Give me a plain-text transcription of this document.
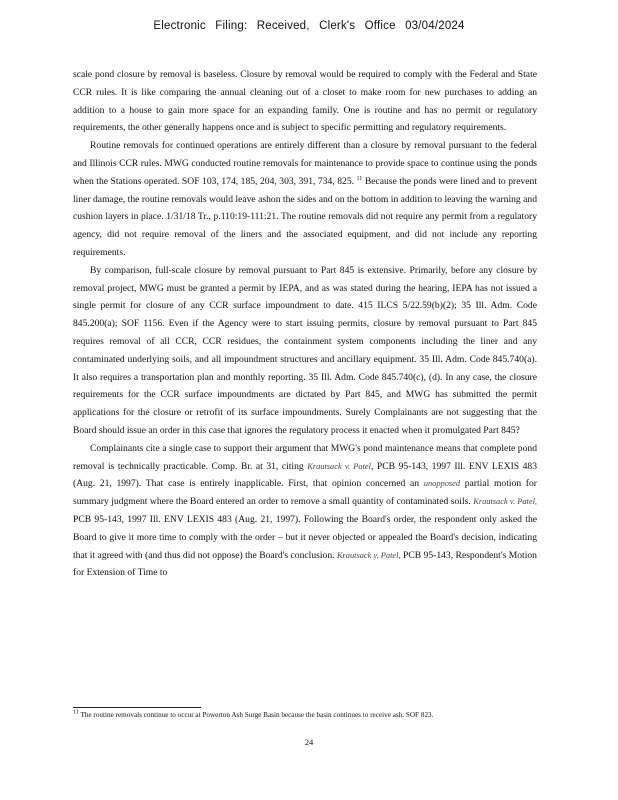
Electronic Filing: Received, Clerk's Office 03/04/2024

scale pond closure by removal is baseless. Closure by removal would be required to comply with the Federal and State CCR rules. It is like comparing the annual cleaning out of a closet to make room for new purchases to adding an addition to a house to gain more space for an expanding family. One is routine and has no permit or regulatory requirements, the other generally happens once and is subject to specific permitting and regulatory requirements.

Routine removals for continued operations are entirely different than a closure by removal pursuant to the federal and Illinois CCR rules. MWG conducted routine removals for maintenance to provide space to continue using the ponds when the Stations operated. SOF 103, 174, 185, 204, 303, 391, 734, 825. $^{11}$ Because the ponds were lined and to prevent liner damage, the routine removals would leave ashon the sides and on the bottom in addition to leaving the warning and cushion layers in place. 1/31/18 Tr., p.110:19-111:21. The routine removals did not require any permit from a regulatory agency, did not require removal of the liners and the associated equipment, and did not include any reporting requirements.

By comparison, full-scale closure by removal pursuant to Part 845 is extensive. Primarily, before any closure by removal project, MWG must be granted a permit by IEPA, and as was stated during the hearing, IEPA has not issued a single permit for closure of any CCR surface impoundment to date. 415 ILCS 5/22.59(b)(2); 35 Ill. Adm. Code 845.200(a); SOF 1156. Even if the Agency were to start issuing permits, closure by removal pursuant to Part 845 requires removal of all CCR, CCR residues, the containment system components including the liner and any contaminated underlying soils, and all impoundment structures and ancillary equipment. 35 Ill. Adm. Code 845.740(a). It also requires a transportation plan and monthly reporting. 35 Ill. Adm. Code 845.740(c), (d). In any case, the closure requirements for the CCR surface impoundments are dictated by Part 845, and MWG has submitted the permit applications for the closure or retrofit of its surface impoundments. Surely Complainants are not suggesting that the Board should issue an order in this case that ignores the regulatory process it enacted when it promulgated Part 845?

Complainants cite a single case to support their argument that MWG's pond maintenance means that complete pond removal is technically practicable. Comp. Br. at 31, citing Krautsack v. Patel, PCB 95-143, 1997 Ill. ENV LEXIS 483 (Aug. 21, 1997). That case is entirely inapplicable. First, that opinion concerned an unopposed partial motion for summary judgment where the Board entered an order to remove a small quantity of contaminated soils. Krautsack v. Patel, PCB 95-143, 1997 Ill. ENV LEXIS 483 (Aug. 21, 1997). Following the Board's order, the respondent only asked the Board to give it more time to comply with the order – but it never objected or appealed the Board's decision, indicating that it agreed with (and thus did not oppose) the Board's conclusion. Krautsack v. Patel, PCB 95-143, Respondent's Motion for Extension of Time to

$^{11}$ The routine removals continue to occur at Powerton Ash Surge Basin because the basin continues to receive ash. SOF 823.
24
